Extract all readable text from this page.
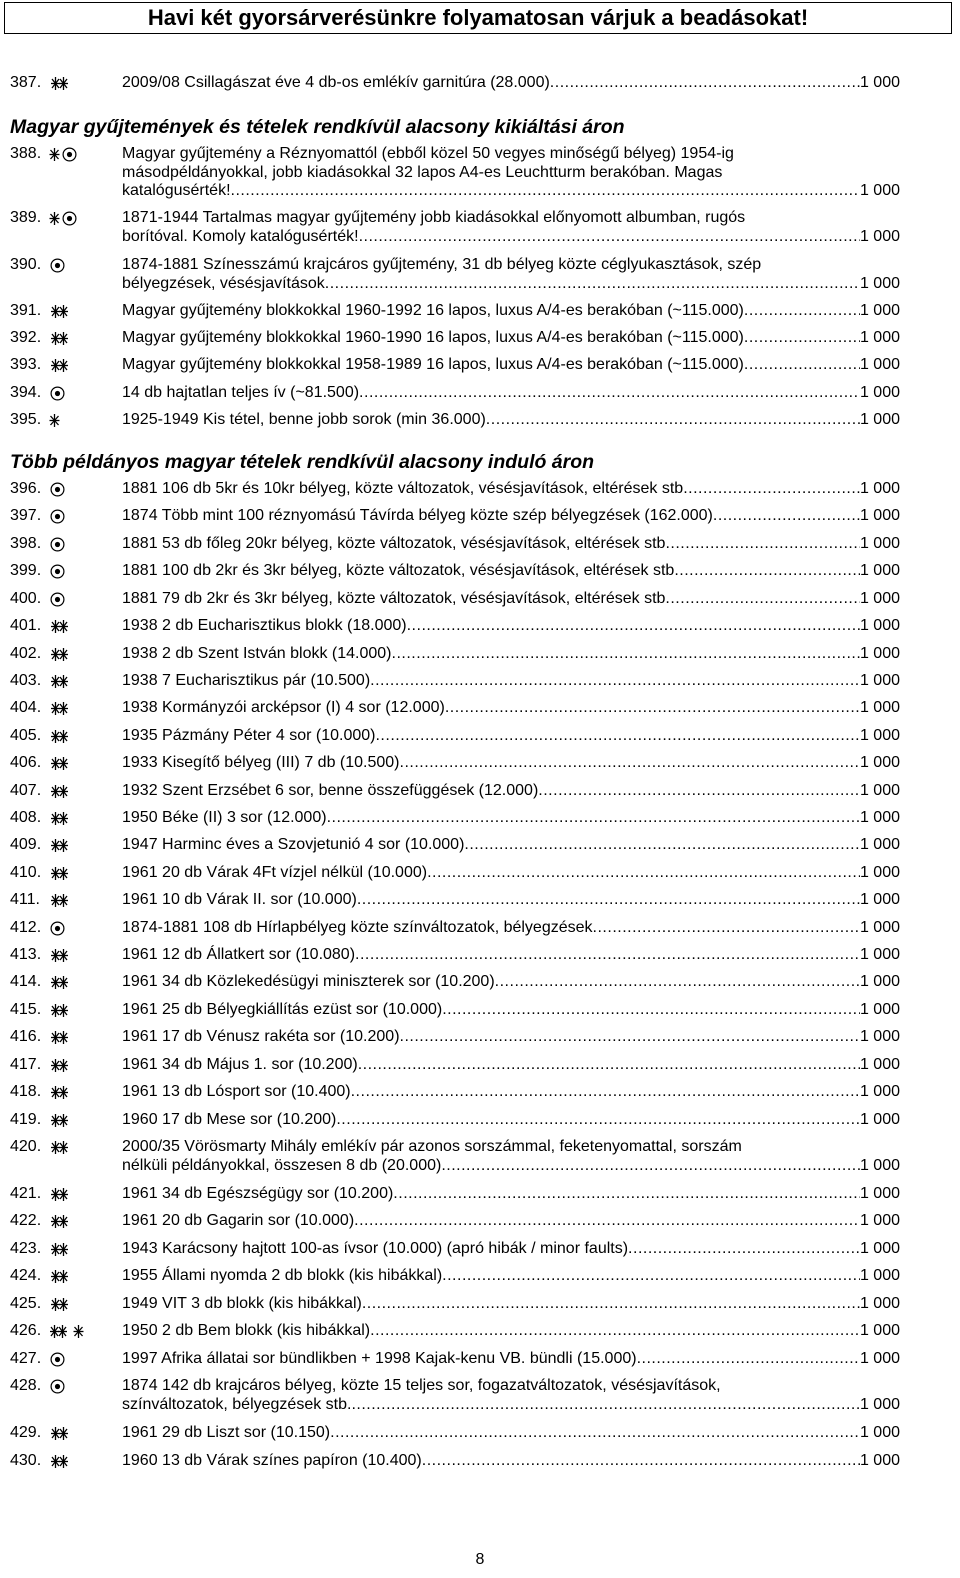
Havi két gyorsárverésünkre folyamatosan várjuk a beadásokat!
Magyar gyűjtemények és tételek rendkívül alacsony kikiáltási áron
Több példányos magyar tételek rendkívül alacsony induló áron
387.	2009/08 Csillagászat éve 4 db-os emlékív garnitúra (28.000) .....	1 000
388.	Magyar gyűjtemény a Réznyomattól (ebből közel 50 vegyes minőségű bélyeg) 1954-ig
másodpéldányokkal, jobb kiadásokkal 32 lapos A4-es Leuchtturm berakóban. Magas
katalógusérték! .....	1 000
389.	1871-1944 Tartalmas magyar gyűjtemény jobb kiadásokkal előnyomott albumban, rugós
borítóval. Komoly katalógusérték! .....	1 000
390.	1874-1881 Színesszámú krajcáros gyűjtemény, 31 db bélyeg közte céglyukasztások, szép
bélyegzések, vésésjavítások .....	1 000
391.	Magyar gyűjtemény blokkokkal 1960-1992 16 lapos, luxus A/4-es berakóban (~115.000) .....	1 000
392.	Magyar gyűjtemény blokkokkal 1960-1990 16 lapos, luxus A/4-es berakóban (~115.000) .....	1 000
393.	Magyar gyűjtemény blokkokkal 1958-1989 16 lapos, luxus A/4-es berakóban (~115.000) .....	1 000
394.	14 db hajtatlan teljes ív (~81.500) .....	1 000
395.	1925-1949 Kis tétel, benne jobb sorok (min 36.000) .....	1 000
396.	1881 106 db 5kr és 10kr bélyeg, közte változatok, vésésjavítások, eltérések stb .....	1 000
397.	1874 Több mint 100 réznyomású Távírda bélyeg közte szép bélyegzések (162.000) .....	1 000
398.	1881 53 db főleg 20kr bélyeg, közte változatok, vésésjavítások, eltérések stb .....	1 000
399.	1881 100 db 2kr és 3kr bélyeg, közte változatok, vésésjavítások, eltérések stb .....	1 000
400.	1881 79 db 2kr és 3kr bélyeg, közte változatok, vésésjavítások, eltérések stb .....	1 000
401.	1938 2 db Eucharisztikus blokk (18.000) .....	1 000
402.	1938 2 db Szent István blokk (14.000) .....	1 000
403.	1938 7 Eucharisztikus pár (10.500) .....	1 000
404.	1938 Kormányzói arcképsor (I) 4 sor (12.000) .....	1 000
405.	1935 Pázmány Péter 4 sor (10.000) .....	1 000
406.	1933 Kisegítő bélyeg (III) 7 db (10.500) .....	1 000
407.	1932 Szent Erzsébet 6 sor, benne összefüggések (12.000) .....	1 000
408.	1950 Béke (II) 3 sor (12.000) .....	1 000
409.	1947 Harminc éves a Szovjetunió 4 sor (10.000) .....	1 000
410.	1961 20 db Várak 4Ft vízjel nélkül (10.000) .....	1 000
411.	1961 10 db Várak II. sor (10.000) .....	1 000
412.	1874-1881 108 db Hírlapbélyeg közte színváltozatok, bélyegzések .....	1 000
413.	1961 12 db Állatkert sor (10.080) .....	1 000
414.	1961 34 db Közlekedésügyi miniszterek sor (10.200) .....	1 000
415.	1961 25 db Bélyegkiállítás ezüst sor (10.000) .....	1 000
416.	1961 17 db Vénusz rakéta sor (10.200) .....	1 000
417.	1961 34 db Május 1. sor (10.200) .....	1 000
418.	1961 13 db Lósport sor (10.400) .....	1 000
419.	1960 17 db Mese sor (10.200) .....	1 000
420.	2000/35 Vörösmarty Mihály emlékív pár azonos sorszámmal, feketenyomattal, sorszám
nélküli példányokkal, összesen 8 db (20.000) .....	1 000
421.	1961 34 db Egészségügy sor (10.200) .....	1 000
422.	1961 20 db Gagarin sor (10.000) .....	1 000
423.	1943 Karácsony hajtott 100-as ívsor (10.000) (apró hibák / minor faults) .....	1 000
424.	1955 Állami nyomda 2 db blokk (kis hibákkal) .....	1 000
425.	1949 VIT 3 db blokk (kis hibákkal) .....	1 000
426.	1950 2 db Bem blokk (kis hibákkal) .....	1 000
427.	1997 Afrika állatai sor bündlikben + 1998 Kajak-kenu VB. bündli (15.000) .....	1 000
428.	1874 142 db krajcáros bélyeg, közte 15 teljes sor, fogazatváltozatok, vésésjavítások,
színváltozatok, bélyegzések stb. .....	1 000
429.	1961 29 db Liszt sor (10.150) .....	1 000
430.	1960 13 db Várak színes papíron (10.400) .....	1 000
8
